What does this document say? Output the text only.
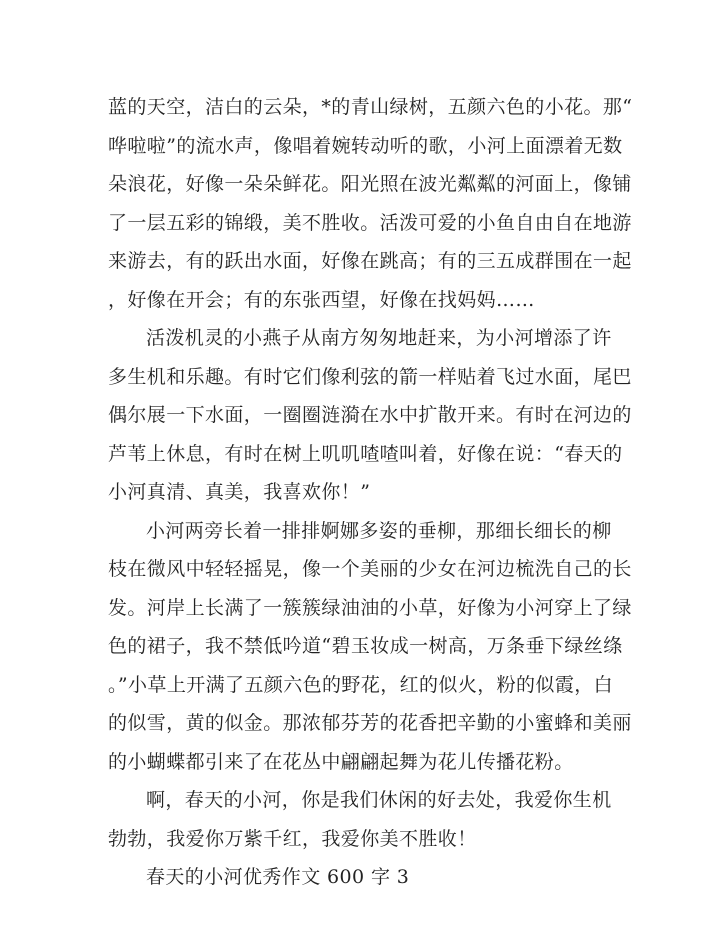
蓝的天空，洁白的云朵，*的青山绿树，五颜六色的小花。那“
哗啦啦”的流水声，像唱着婉转动听的歌，小河上面漂着无数
朵浪花，好像一朵朵鲜花。阳光照在波光粼粼的河面上，像铺
了一层五彩的锦缎，美不胜收。活泼可爱的小鱼自由自在地游
来游去，有的跃出水面，好像在跳高；有的三五成群围在一起
，好像在开会；有的东张西望，好像在找妈妈……
活泼机灵的小燕子从南方匆匆地赶来，为小河增添了许
多生机和乐趣。有时它们像利弦的箭一样贴着飞过水面，尾巴
偶尔展一下水面，一圈圈涟漪在水中扩散开来。有时在河边的
芦苇上休息，有时在树上叽叽喳喳叫着，好像在说：“春天的
小河真清、真美，我喜欢你！”
小河两旁长着一排排婀娜多姿的垂柳，那细长细长的柳
枝在微风中轻轻摇晃，像一个美丽的少女在河边梳洗自己的长
发。河岸上长满了一簇簇绿油油的小草，好像为小河穿上了绿
色的裙子，我不禁低吟道“碧玉妆成一树高，万条垂下绿丝绦
。”小草上开满了五颜六色的野花，红的似火，粉的似霞，白
的似雪，黄的似金。那浓郁芬芳的花香把辛勤的小蜜蜂和美丽
的小蝴蝶都引来了在花丛中翩翩起舞为花儿传播花粉。
啊，春天的小河，你是我们休闲的好去处，我爱你生机
勃勃，我爱你万紫千红，我爱你美不胜收！
春天的小河优秀作文 600 字 3
